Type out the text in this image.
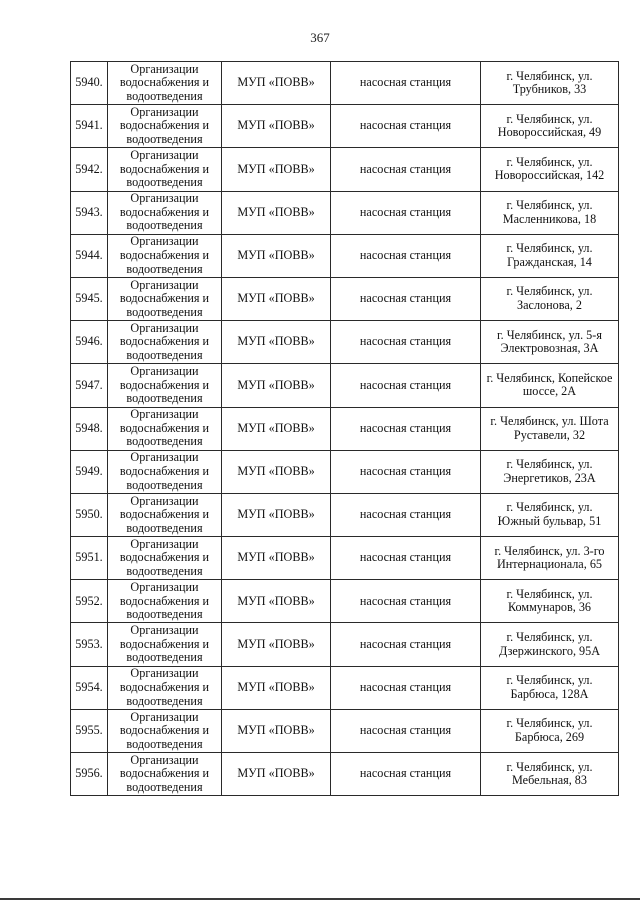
367
5940.	Организации водоснабжения и водоотведения	МУП «ПОВВ»	насосная станция	г. Челябинск, ул. Трубников, 33
5941.	Организации водоснабжения и водоотведения	МУП «ПОВВ»	насосная станция	г. Челябинск, ул. Новороссийская, 49
5942.	Организации водоснабжения и водоотведения	МУП «ПОВВ»	насосная станция	г. Челябинск, ул. Новороссийская, 142
5943.	Организации водоснабжения и водоотведения	МУП «ПОВВ»	насосная станция	г. Челябинск, ул. Масленникова, 18
5944.	Организации водоснабжения и водоотведения	МУП «ПОВВ»	насосная станция	г. Челябинск, ул. Гражданская, 14
5945.	Организации водоснабжения и водоотведения	МУП «ПОВВ»	насосная станция	г. Челябинск, ул. Заслонова, 2
5946.	Организации водоснабжения и водоотведения	МУП «ПОВВ»	насосная станция	г. Челябинск, ул. 5-я Электровозная, 3А
5947.	Организации водоснабжения и водоотведения	МУП «ПОВВ»	насосная станция	г. Челябинск, Копейское шоссе, 2А
5948.	Организации водоснабжения и водоотведения	МУП «ПОВВ»	насосная станция	г. Челябинск, ул. Шота Руставели, 32
5949.	Организации водоснабжения и водоотведения	МУП «ПОВВ»	насосная станция	г. Челябинск, ул. Энергетиков, 23А
5950.	Организации водоснабжения и водоотведения	МУП «ПОВВ»	насосная станция	г. Челябинск, ул. Южный бульвар, 51
5951.	Организации водоснабжения и водоотведения	МУП «ПОВВ»	насосная станция	г. Челябинск, ул. 3-го Интернационала, 65
5952.	Организации водоснабжения и водоотведения	МУП «ПОВВ»	насосная станция	г. Челябинск, ул. Коммунаров, 36
5953.	Организации водоснабжения и водоотведения	МУП «ПОВВ»	насосная станция	г. Челябинск, ул. Дзержинского, 95А
5954.	Организации водоснабжения и водоотведения	МУП «ПОВВ»	насосная станция	г. Челябинск, ул. Барбюса, 128А
5955.	Организации водоснабжения и водоотведения	МУП «ПОВВ»	насосная станция	г. Челябинск, ул. Барбюса, 269
5956.	Организации водоснабжения и водоотведения	МУП «ПОВВ»	насосная станция	г. Челябинск, ул. Мебельная, 83
